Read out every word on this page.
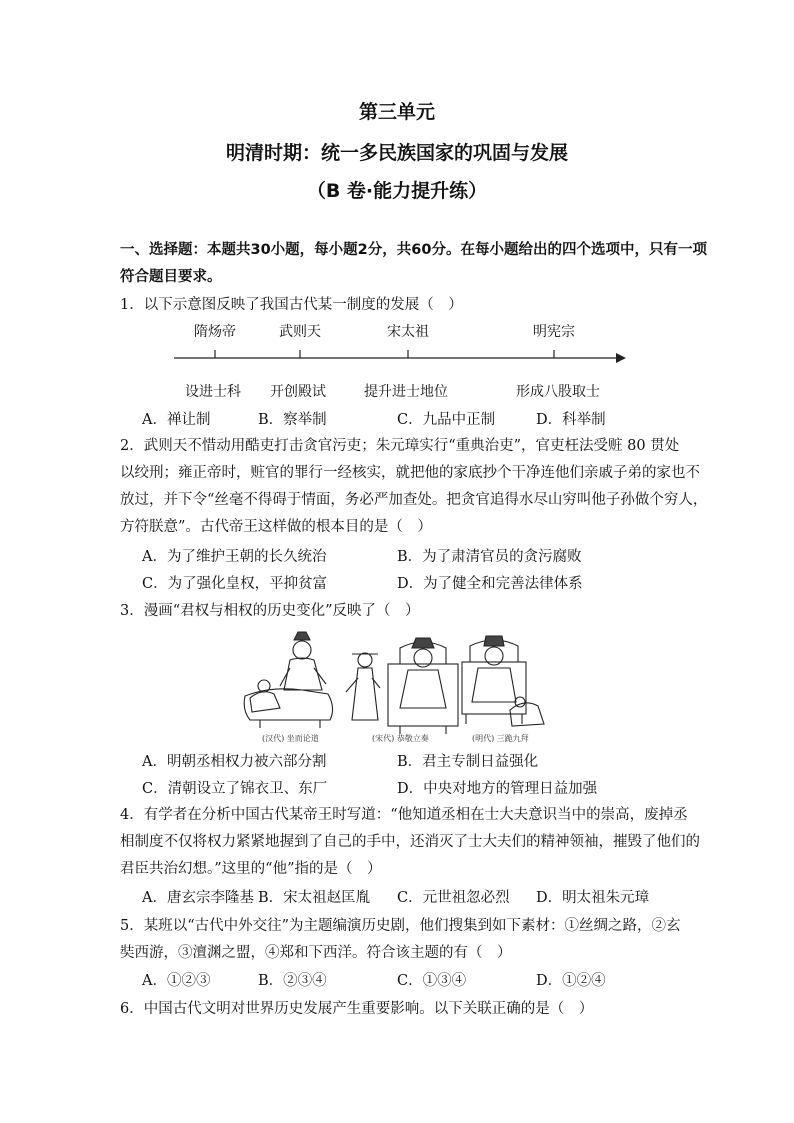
第三单元
明清时期：统一多民族国家的巩固与发展
（B 卷·能力提升练）
一、选择题：本题共30小题，每小题2分，共60分。在每小题给出的四个选项中，只有一项
符合题目要求。
1．以下示意图反映了我国古代某一制度的发展（　）
隋炀帝	武则天	宋太祖	明宪宗
设进士科 开创殿试	提升进士地位	形成八股取士
A．禅让制	B．察举制	C．九品中正制	D．科举制
2．武则天不惜动用酷吏打击贪官污吏；朱元璋实行“重典治吏”，官吏枉法受赃 80 贯处
以绞刑；雍正帝时，赃官的罪行一经核实，就把他的家底抄个干净连他们亲戚子弟的家也不
放过，并下令“丝毫不得碍于情面，务必严加查处。把贪官追得水尽山穷叫他子孙做个穷人，
方符朕意”。古代帝王这样做的根本目的是（　）
A．为了维护王朝的长久统治	B．为了肃清官员的贪污腐败
C．为了强化皇权，平抑贫富	D．为了健全和完善法律体系
3．漫画“君权与相权的历史变化”反映了（　）
(汉代) 坐而论道	(宋代) 恭敬立奏	(明代) 三跪九拜
A．明朝丞相权力被六部分割	B．君主专制日益强化
C．清朝设立了锦衣卫、东厂	D．中央对地方的管理日益加强
4．有学者在分析中国古代某帝王时写道：“他知道丞相在士大夫意识当中的崇高，废掉丞
相制度不仅将权力紧紧地握到了自己的手中，还消灭了士大夫们的精神领袖，摧毁了他们的
君臣共治幻想。”这里的“他”指的是（　）
A．唐玄宗李隆基 B．宋太祖赵匡胤 C．元世祖忽必烈 D．明太祖朱元璋
5．某班以“古代中外交往”为主题编演历史剧，他们搜集到如下素材：①丝绸之路，②玄
奘西游，③澶渊之盟，④郑和下西洋。符合该主题的有（　）
A．①②③	B．②③④	C．①③④	D．①②④
6．中国古代文明对世界历史发展产生重要影响。以下关联正确的是（　）
